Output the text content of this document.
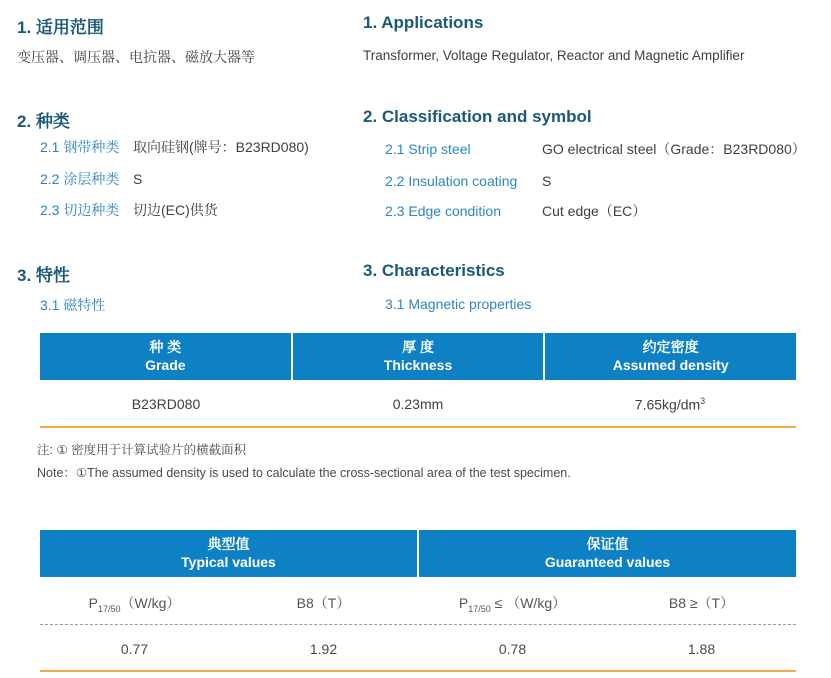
1. 适用范围
变压器、调压器、电抗器、磁放大器等
1. Applications
Transformer, Voltage Regulator, Reactor and Magnetic Amplifier
2. 种类
2.1 钢带种类 取向硅钢(牌号：B23RD080)
2.2 涂层种类 S
2.3 切边种类 切边(EC)供货
2. Classification and symbol
2.1 Strip steel	GO electrical steel（Grade：B23RD080）
2.2 Insulation coating	S
2.3 Edge condition	Cut edge（EC）
3. 特性
3.1 磁特性
3. Characteristics
3.1 Magnetic properties
种 类
Grade
厚 度
Thickness
约定密度
Assumed density
B23RD080	0.23mm	$7.65kg/dm^3$
注: ① 密度用于计算试验片的横截面积
Note：①The assumed density is used to calculate the cross-sectional area of the test specimen.
典型值
Typical values
保证值
Guaranteed values
$P_{17/50}(W/kg)$	B8（T）	$P_{17/50} \le (W/kg)$	B8 ≥（T）
0.77	1.92	0.78	1.88
